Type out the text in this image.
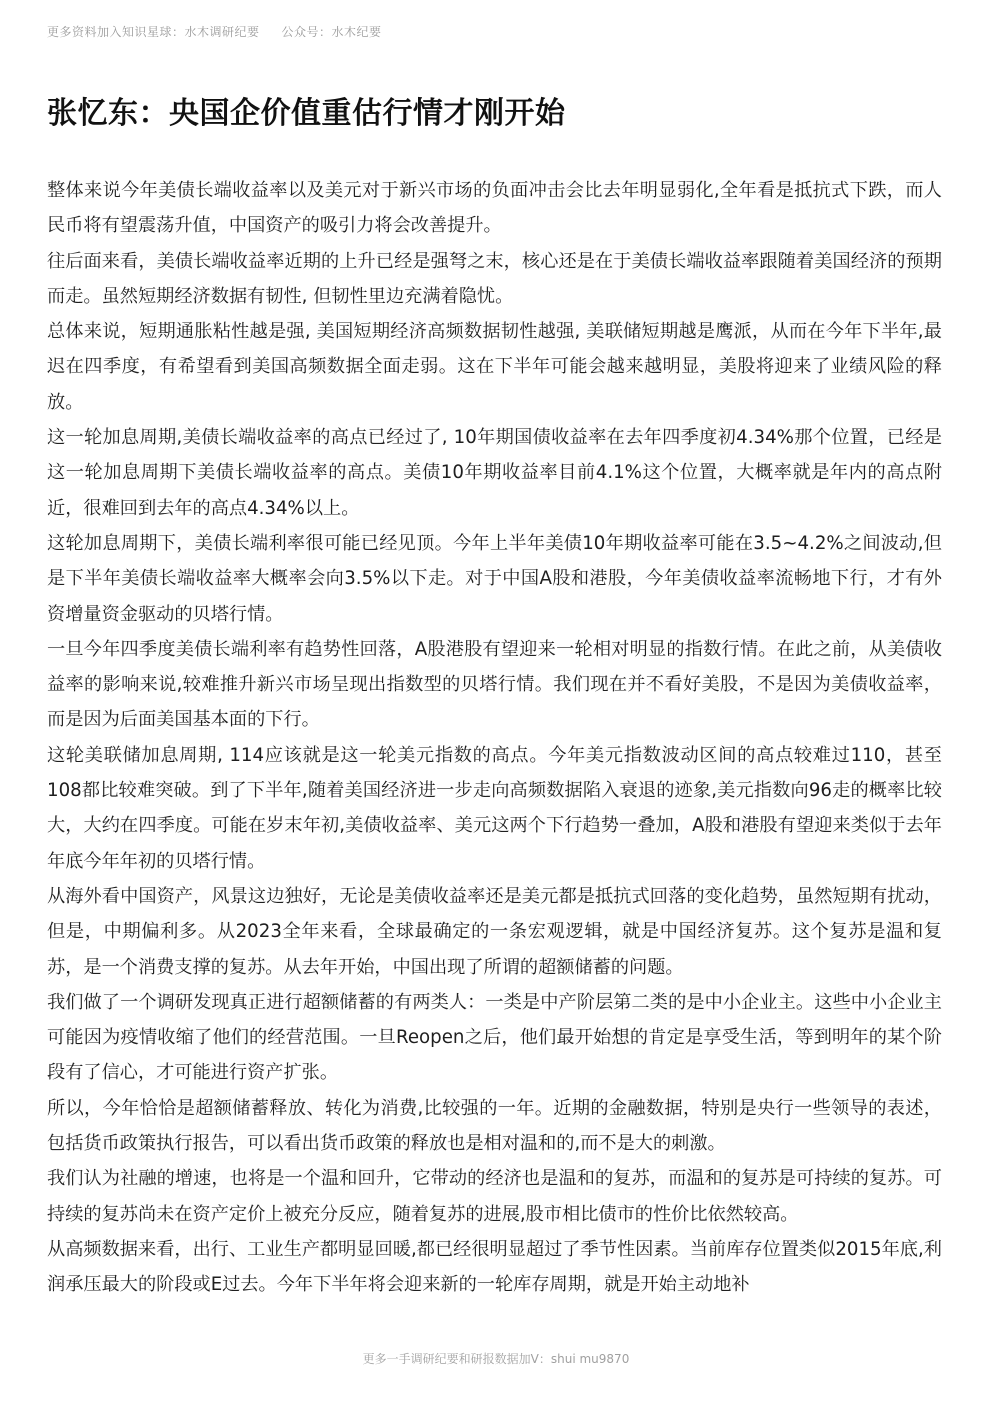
更多资料加入知识星球：水木调研纪要 公众号：水木纪要
张忆东：央国企价值重估行情才刚开始

整体来说今年美债长端收益率以及美元对于新兴市场的负面冲击会比去年明显弱化,全年看是抵抗式下跌，而人民币将有望震荡升值，中国资产的吸引力将会改善提升。

往后面来看，美债长端收益率近期的上升已经是强弩之末，核心还是在于美债长端收益率跟随着美国经济的预期而走。虽然短期经济数据有韧性, 但韧性里边充满着隐忧。

总体来说，短期通胀粘性越是强, 美国短期经济高频数据韧性越强, 美联储短期越是鹰派，从而在今年下半年,最迟在四季度，有希望看到美国高频数据全面走弱。这在下半年可能会越来越明显，美股将迎来了业绩风险的释放。

这一轮加息周期,美债长端收益率的高点已经过了, 10年期国债收益率在去年四季度初4.34%那个位置，已经是这一轮加息周期下美债长端收益率的高点。美债10年期收益率目前4.1%这个位置，大概率就是年内的高点附近，很难回到去年的高点4.34%以上。

这轮加息周期下，美债长端利率很可能已经见顶。今年上半年美债10年期收益率可能在3.5~4.2%之间波动,但是下半年美债长端收益率大概率会向3.5%以下走。对于中国A股和港股，今年美债收益率流畅地下行，才有外资增量资金驱动的贝塔行情。

一旦今年四季度美债长端利率有趋势性回落，A股港股有望迎来一轮相对明显的指数行情。在此之前，从美债收益率的影响来说,较难推升新兴市场呈现出指数型的贝塔行情。我们现在并不看好美股，不是因为美债收益率，而是因为后面美国基本面的下行。

这轮美联储加息周期, 114应该就是这一轮美元指数的高点。今年美元指数波动区间的高点较难过110，甚至108都比较难突破。到了下半年,随着美国经济进一步走向高频数据陷入衰退的迹象,美元指数向96走的概率比较大，大约在四季度。可能在岁末年初,美债收益率、美元这两个下行趋势一叠加，A股和港股有望迎来类似于去年年底今年年初的贝塔行情。

从海外看中国资产，风景这边独好，无论是美债收益率还是美元都是抵抗式回落的变化趋势，虽然短期有扰动，但是，中期偏利多。从2023全年来看，全球最确定的一条宏观逻辑，就是中国经济复苏。这个复苏是温和复苏，是一个消费支撑的复苏。从去年开始，中国出现了所谓的超额储蓄的问题。

我们做了一个调研发现真正进行超额储蓄的有两类人：一类是中产阶层第二类的是中小企业主。这些中小企业主可能因为疫情收缩了他们的经营范围。一旦Reopen之后，他们最开始想的肯定是享受生活，等到明年的某个阶段有了信心，才可能进行资产扩张。

所以，今年恰恰是超额储蓄释放、转化为消费,比较强的一年。近期的金融数据，特别是央行一些领导的表述，包括货币政策执行报告，可以看出货币政策的释放也是相对温和的,而不是大的刺激。

我们认为社融的增速，也将是一个温和回升，它带动的经济也是温和的复苏，而温和的复苏是可持续的复苏。可持续的复苏尚未在资产定价上被充分反应，随着复苏的进展,股市相比债市的性价比依然较高。

从高频数据来看，出行、工业生产都明显回暖,都已经很明显超过了季节性因素。当前库存位置类似2015年底,利润承压最大的阶段或E过去。今年下半年将会迎来新的一轮库存周期，就是开始主动地补

更多一手调研纪要和研报数据加V：shui mu9870
